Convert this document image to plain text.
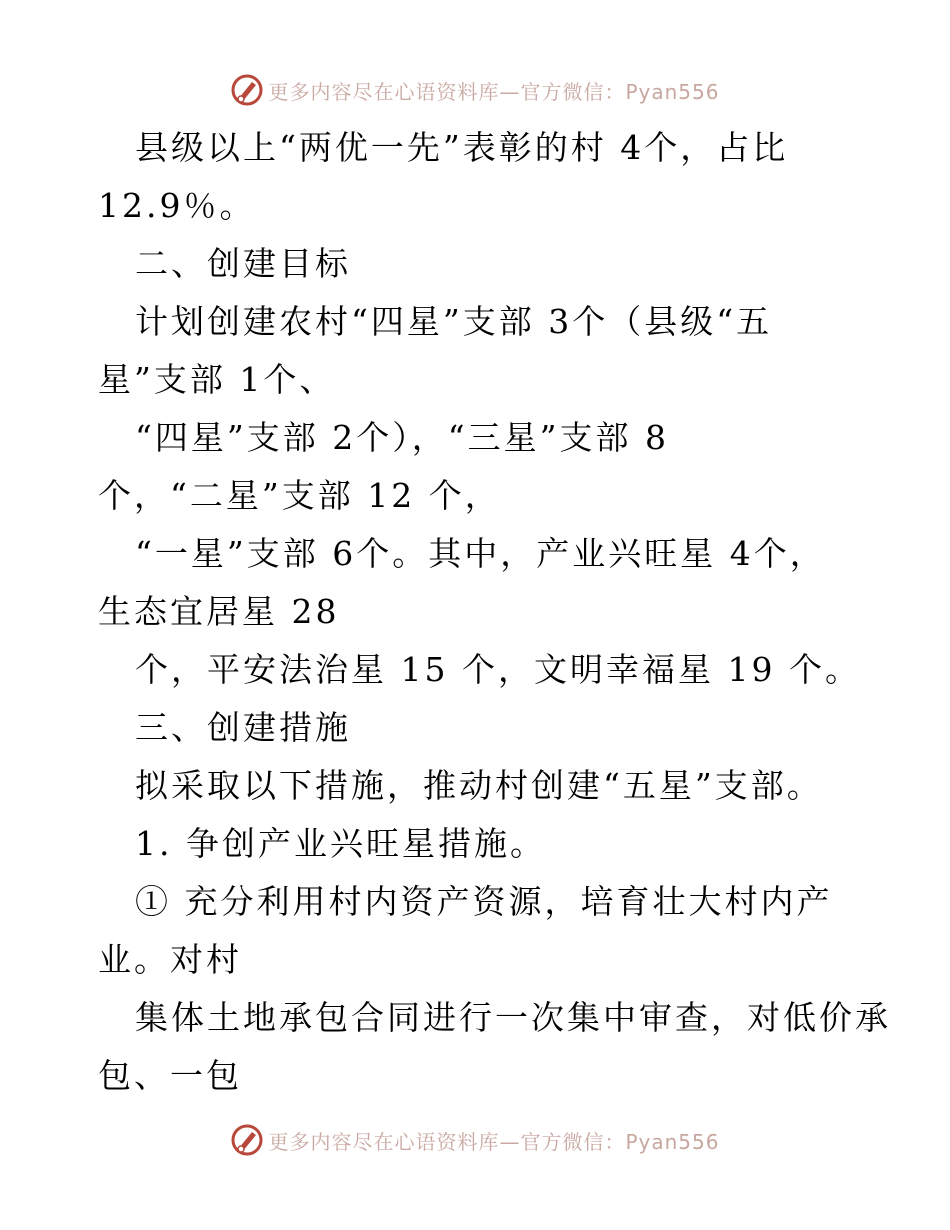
更多内容尽在心语资料库—官方微信：Pyan556
县级以上“两优一先”表彰的村 4个，占比
12.9％。
二、创建目标
计划创建农村“四星”支部 3个（县级“五
星”支部 1个、
“四星”支部 2个），“三星”支部 8
个，“二星”支部 12 个，
“一星”支部 6个。其中，产业兴旺星 4个，
生态宜居星 28
个，平安法治星 15 个，文明幸福星 19 个。
三、创建措施
拟采取以下措施，推动村创建“五星”支部。
1. 争创产业兴旺星措施。
① 充分利用村内资产资源，培育壮大村内产
业。对村
集体土地承包合同进行一次集中审查，对低价承
包、一包
更多内容尽在心语资料库—官方微信：Pyan556
